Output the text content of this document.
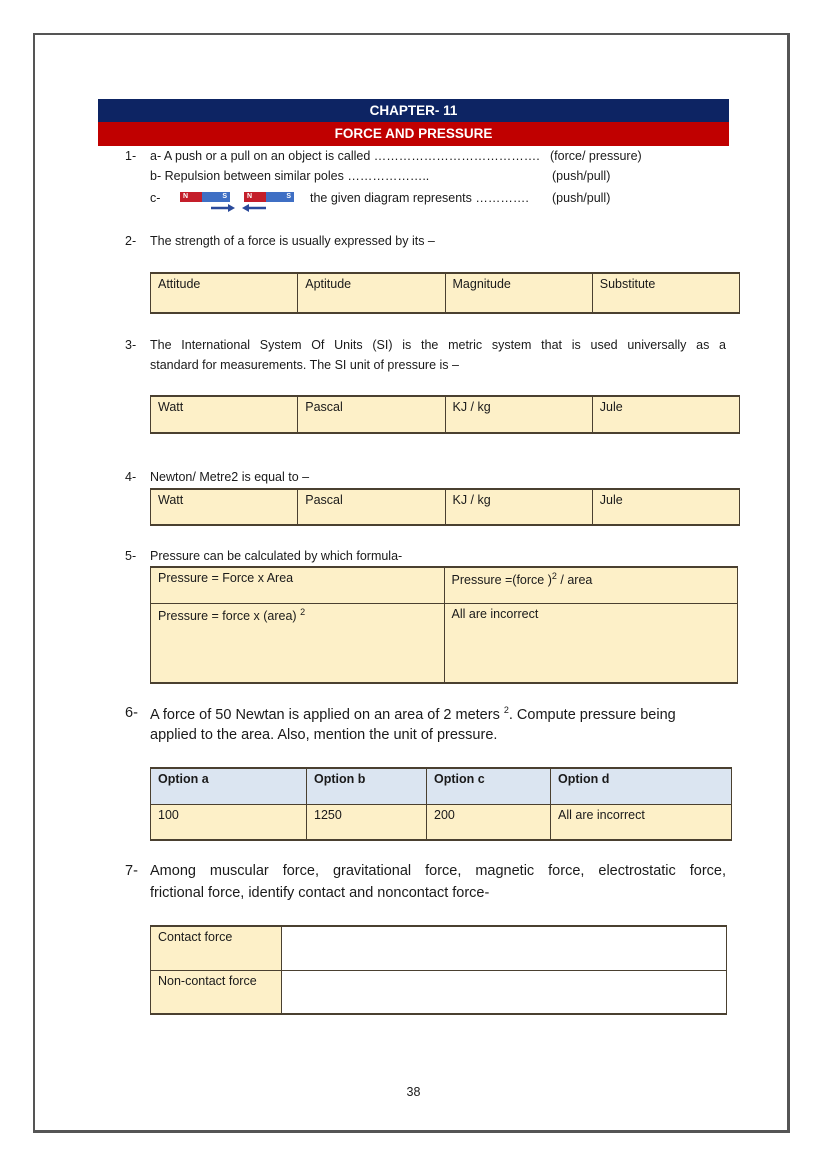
CHAPTER- 11
FORCE AND PRESSURE
1- a- A push or a pull on an object is called …………………………………. (force/ pressure)
b- Repulsion between similar poles ………………..	(push/pull)
c-	N	S	N	S the given diagram represents …………. (push/pull)
2- The strength of a force is usually expressed by its –
Attitude	Aptitude	Magnitude	Substitute
3- The International System Of Units (SI) is the metric system that is used universally as a
standard for measurements. The SI unit of pressure is –
Watt	Pascal	KJ / kg	Jule
4- Newton/ Metre2 is equal to –
Watt	Pascal	KJ / kg	Jule
5- Pressure can be calculated by which formula-
Pressure = Force x Area	Pressure =(force )$^2$ / area
Pressure = force x (area) $^2$	All are incorrect
6- A force of 50 Newtan is applied on an area of 2 meters $^2$. Compute pressure being
applied to the area. Also, mention the unit of pressure.
Option a	Option b	Option c	Option d
100	1250	200	All are incorrect
7- Among muscular force, gravitational force, magnetic force, electrostatic force,
frictional force, identify contact and noncontact force-
Contact force	
Non-contact force	
38
